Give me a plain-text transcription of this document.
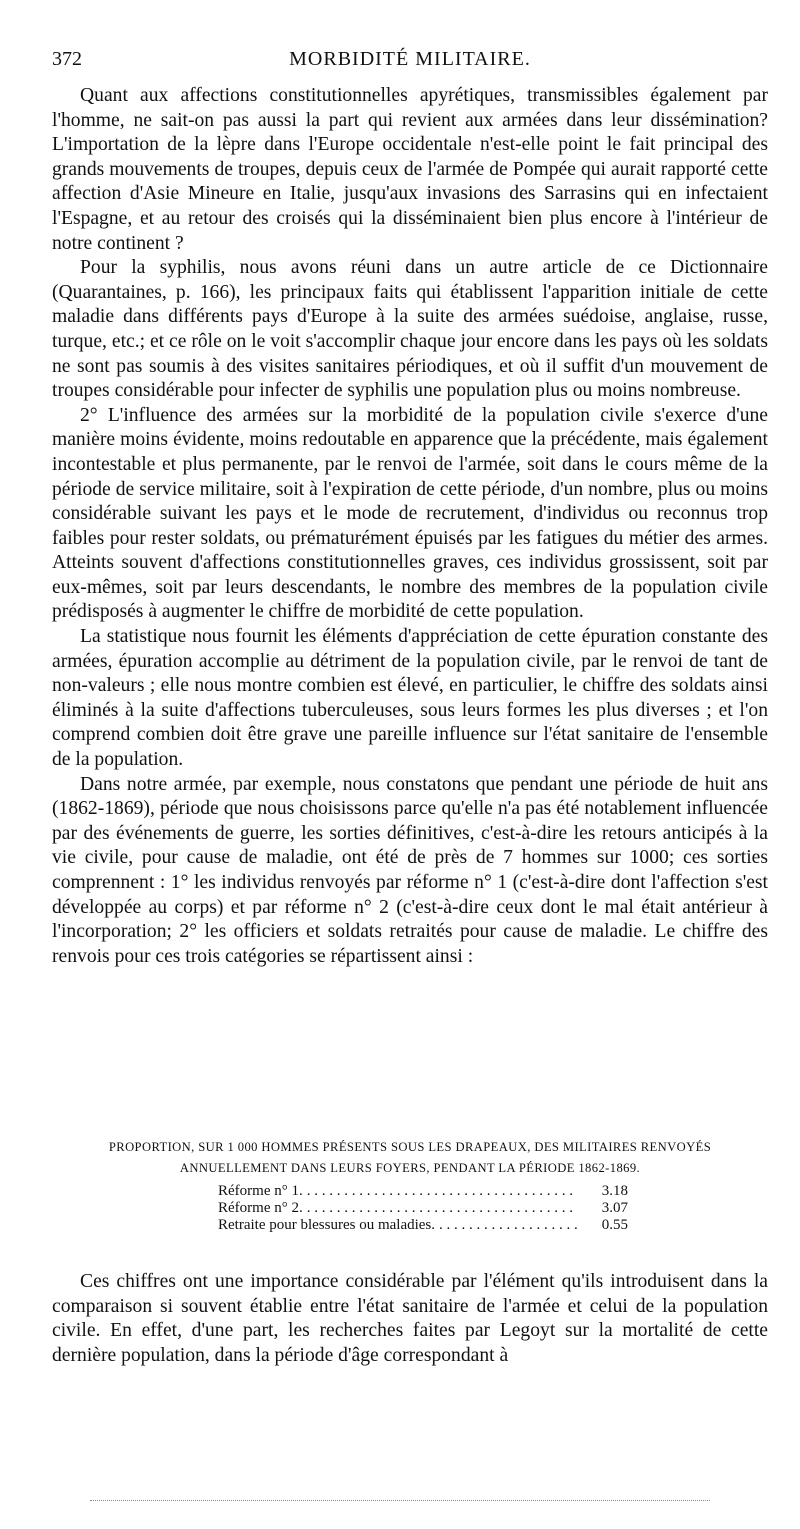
372	MORBIDITÉ MILITAIRE.

Quant aux affections constitutionnelles apyrétiques, transmissibles également par l'homme, ne sait-on pas aussi la part qui revient aux armées dans leur dissémination? L'importation de la lèpre dans l'Europe occidentale n'est-elle point le fait principal des grands mouvements de troupes, depuis ceux de l'armée de Pompée qui aurait rapporté cette affection d'Asie Mineure en Italie, jusqu'aux invasions des Sarrasins qui en infectaient l'Espagne, et au retour des croisés qui la disséminaient bien plus encore à l'intérieur de notre continent ?

Pour la syphilis, nous avons réuni dans un autre article de ce Dictionnaire (Quarantaines, p. 166), les principaux faits qui établissent l'apparition initiale de cette maladie dans différents pays d'Europe à la suite des armées suédoise, anglaise, russe, turque, etc.; et ce rôle on le voit s'accomplir chaque jour encore dans les pays où les soldats ne sont pas soumis à des visites sanitaires périodiques, et où il suffit d'un mouvement de troupes considérable pour infecter de syphilis une population plus ou moins nombreuse.

2° L'influence des armées sur la morbidité de la population civile s'exerce d'une manière moins évidente, moins redoutable en apparence que la précédente, mais également incontestable et plus permanente, par le renvoi de l'armée, soit dans le cours même de la période de service militaire, soit à l'expiration de cette période, d'un nombre, plus ou moins considérable suivant les pays et le mode de recrutement, d'individus ou reconnus trop faibles pour rester soldats, ou prématurément épuisés par les fatigues du métier des armes. Atteints souvent d'affections constitutionnelles graves, ces individus grossissent, soit par eux-mêmes, soit par leurs descendants, le nombre des membres de la population civile prédisposés à augmenter le chiffre de morbidité de cette population.

La statistique nous fournit les éléments d'appréciation de cette épuration constante des armées, épuration accomplie au détriment de la population civile, par le renvoi de tant de non-valeurs ; elle nous montre combien est élevé, en particulier, le chiffre des soldats ainsi éliminés à la suite d'affections tuberculeuses, sous leurs formes les plus diverses ; et l'on comprend combien doit être grave une pareille influence sur l'état sanitaire de l'ensemble de la population.

Dans notre armée, par exemple, nous constatons que pendant une période de huit ans (1862-1869), période que nous choisissons parce qu'elle n'a pas été notablement influencée par des événements de guerre, les sorties définitives, c'est-à-dire les retours anticipés à la vie civile, pour cause de maladie, ont été de près de 7 hommes sur 1000; ces sorties comprennent : 1° les individus renvoyés par réforme n° 1 (c'est-à-dire dont l'affection s'est développée au corps) et par réforme n° 2 (c'est-à-dire ceux dont le mal était antérieur à l'incorporation; 2° les officiers et soldats retraités pour cause de maladie. Le chiffre des renvois pour ces trois catégories se répartissent ainsi :

PROPORTION, SUR 1 000 HOMMES PRÉSENTS SOUS LES DRAPEAUX, DES MILITAIRES RENVOYÉS

ANNUELLEMENT DANS LEURS FOYERS, PENDANT LA PÉRIODE 1862-1869.

Réforme n° 1. . . .	3.18
Réforme n° 2. . . .	3.07
Retraite pour blessures ou maladies. . . .	0.55

Ces chiffres ont une importance considérable par l'élément qu'ils introduisent dans la comparaison si souvent établie entre l'état sanitaire de l'armée et celui de la population civile. En effet, d'une part, les recherches faites par Legoyt sur la mortalité de cette dernière population, dans la période d'âge correspondant à
